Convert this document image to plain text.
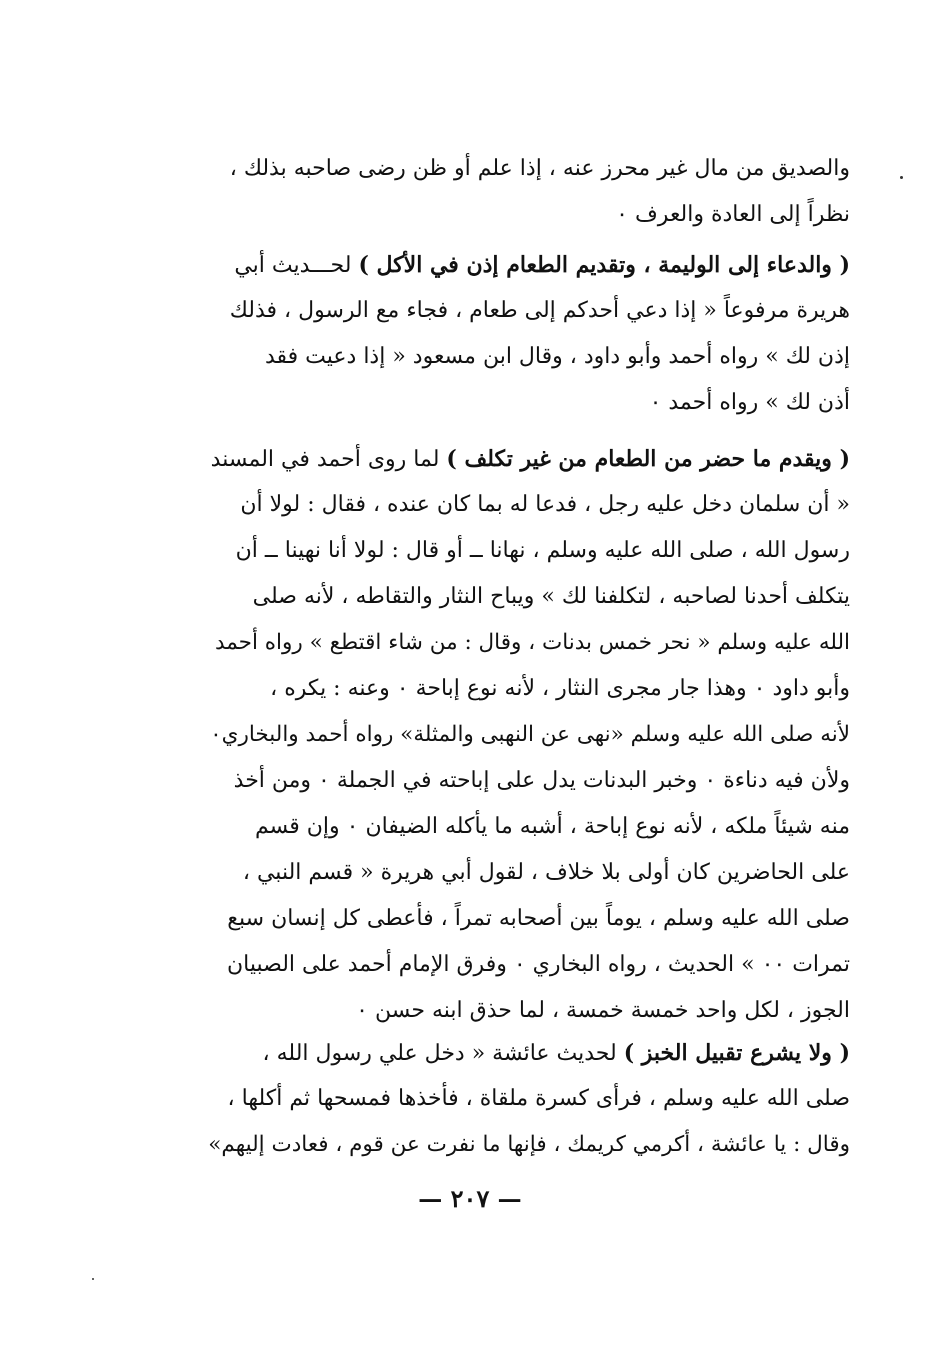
والصديق من مال غير محرز عنه ، إذا علم أو ظن رضى صاحبه بذلك ،
نظراً إلى العادة والعرف ٠
( والدعاء إلى الوليمة ، وتقديم الطعام إذن في الأكل ) لحـــديث أبي
هريرة مرفوعاً « إذا دعي أحدكم إلى طعام ، فجاء مع الرسول ، فذلك
إذن لك » رواه أحمد وأبو داود ، وقال ابن مسعود « إذا دعيت فقد
أذن لك » رواه أحمد ٠
( ويقدم ما حضر من الطعام من غير تكلف ) لما روى أحمد في المسند
« أن سلمان دخل عليه رجل ، فدعا له بما كان عنده ، فقال : لولا أن
رسول الله ، صلى الله عليه وسلم ، نهانا ــ أو قال : لولا أنا نهينا ــ أن
يتكلف أحدنا لصاحبه ، لتكلفنا لك » ويباح النثار والتقاطه ، لأنه صلى
الله عليه وسلم « نحر خمس بدنات ، وقال : من شاء اقتطع » رواه أحمد
وأبو داود ٠ وهذا جار مجرى النثار ، لأنه نوع إباحة ٠ وعنه : يكره ،
لأنه صلى الله عليه وسلم «نهى عن النهبى والمثلة» رواه أحمد والبخاري٠
ولأن فيه دناءة ٠ وخبر البدنات يدل على إباحته في الجملة ٠ ومن أخذ
منه شيئاً ملكه ، لأنه نوع إباحة ، أشبه ما يأكله الضيفان ٠ وإن قسم
على الحاضرين كان أولى بلا خلاف ، لقول أبي هريرة « قسم النبي ،
صلى الله عليه وسلم ، يوماً بين أصحابه تمراً ، فأعطى كل إنسان سبع
تمرات ٠٠ » الحديث ، رواه البخاري ٠ وفرق الإمام أحمد على الصبيان
الجوز ، لكل واحد خمسة خمسة ، لما حذق ابنه حسن ٠
( ولا يشرع تقبيل الخبز ) لحديث عائشة « دخل علي رسول الله ،
صلى الله عليه وسلم ، فرأى كسرة ملقاة ، فأخذها فمسحها ثم أكلها ،
وقال : يا عائشة ، أكرمي كريمك ، فإنها ما نفرت عن قوم ، فعادت إليهم»
— ٢٠٧ —
